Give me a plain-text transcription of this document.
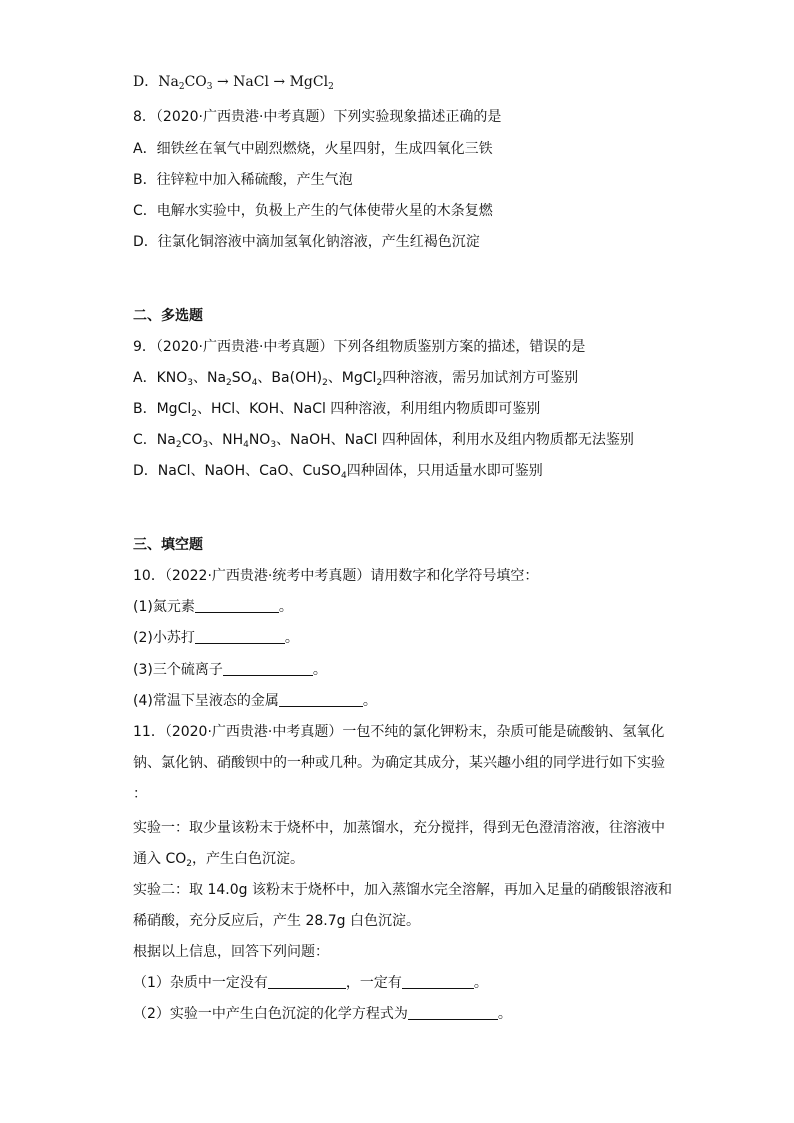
D．$Na_2CO_3$ → NaCl → MgCl$_2$
8．（2020·广西贵港·中考真题）下列实验现象描述正确的是
A．细铁丝在氧气中剧烈燃烧，火星四射，生成四氧化三铁
B．往锌粒中加入稀硫酸，产生气泡
C．电解水实验中，负极上产生的气体使带火星的木条复燃
D．往氯化铜溶液中滴加氢氧化钠溶液，产生红褐色沉淀
二、多选题
9．（2020·广西贵港·中考真题）下列各组物质鉴别方案的描述，错误的是
A．$KNO_3$、$Na_2SO_4$、$Ba(OH)_2$、MgCl$_2$四种溶液，需另加试剂方可鉴别
B．MgCl$_2$、HCl、KOH、NaCl 四种溶液，利用组内物质即可鉴别
C．$Na_2CO_3$、$NH_4NO_3$、NaOH、NaCl 四种固体，利用水及组内物质都无法鉴别
D．NaCl、NaOH、CaO、CuSO$_4$四种固体，只用适量水即可鉴别
三、填空题
10．（2022·广西贵港·统考中考真题）请用数字和化学符号填空：
(1)氮元素	。
(2)小苏打	。
(3)三个硫离子	。
(4)常温下呈液态的金属	。
11．（2020·广西贵港·中考真题）一包不纯的氯化钾粉末，杂质可能是硫酸钠、氢氧化
钠、氯化钠、硝酸钡中的一种或几种。为确定其成分，某兴趣小组的同学进行如下实验
：
实验一：取少量该粉末于烧杯中，加蒸馏水，充分搅拌，得到无色澄清溶液，往溶液中
通入 $CO_2$，产生白色沉淀。
实验二：取 14.0g 该粉末于烧杯中，加入蒸馏水完全溶解，再加入足量的硝酸银溶液和
稀硝酸，充分反应后，产生 28.7g 白色沉淀。
根据以上信息，回答下列问题：
（1）杂质中一定没有	，一定有	。
（2）实验一中产生白色沉淀的化学方程式为	。
